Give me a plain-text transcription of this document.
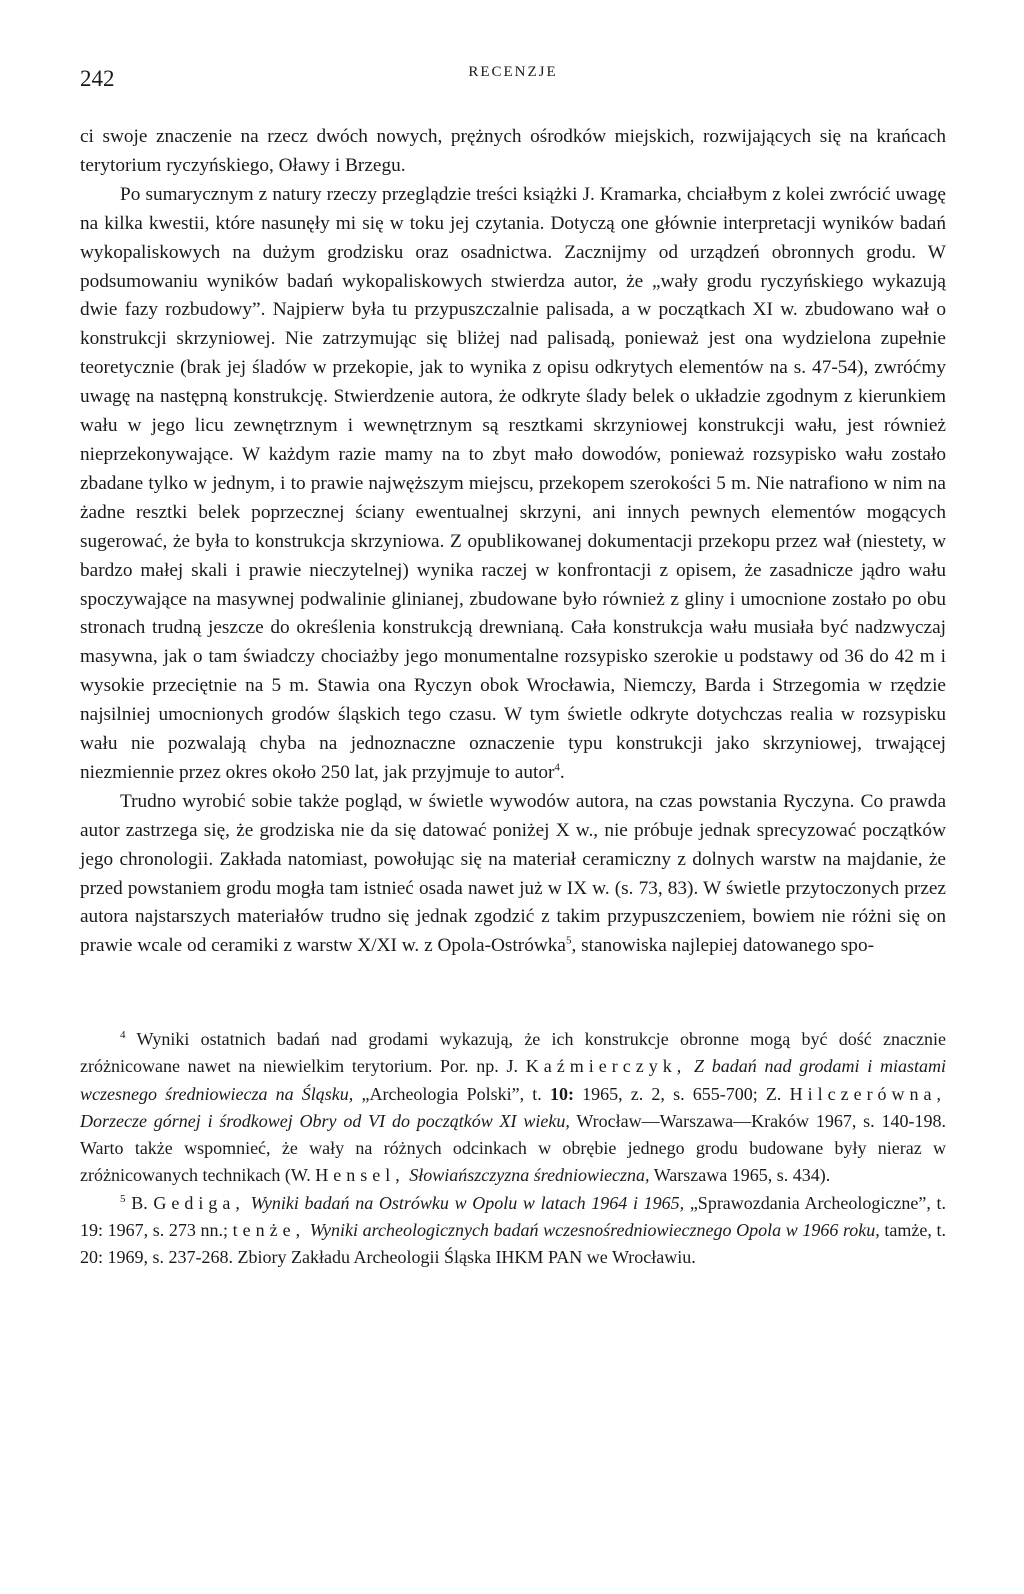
242	RECENZJE

ci swoje znaczenie na rzecz dwóch nowych, prężnych ośrodków miejskich, rozwijających się na krańcach terytorium ryczyńskiego, Oławy i Brzegu.

Po sumarycznym z natury rzeczy przeglądzie treści książki J. Kramarka, chciałbym z kolei zwrócić uwagę na kilka kwestii, które nasunęły mi się w toku jej czytania. Dotyczą one głównie interpretacji wyników badań wykopaliskowych na dużym grodzisku oraz osadnictwa. Zacznijmy od urządzeń obronnych grodu. W podsumowaniu wyników badań wykopaliskowych stwierdza autor, że „wały grodu ryczyńskiego wykazują dwie fazy rozbudowy”. Najpierw była tu przypuszczalnie palisada, a w początkach XI w. zbudowano wał o konstrukcji skrzyniowej. Nie zatrzymując się bliżej nad palisadą, ponieważ jest ona wydzielona zupełnie teoretycznie (brak jej śladów w przekopie, jak to wynika z opisu odkrytych elementów na s. 47-54), zwróćmy uwagę na następną konstrukcję. Stwierdzenie autora, że odkryte ślady belek o układzie zgodnym z kierunkiem wału w jego licu zewnętrznym i wewnętrznym są resztkami skrzyniowej konstrukcji wału, jest również nieprzekonywające. W każdym razie mamy na to zbyt mało dowodów, ponieważ rozsypisko wału zostało zbadane tylko w jednym, i to prawie najwęższym miejscu, przekopem szerokości 5 m. Nie natrafiono w nim na żadne resztki belek poprzecznej ściany ewentualnej skrzyni, ani innych pewnych elementów mogących sugerować, że była to konstrukcja skrzyniowa. Z opublikowanej dokumentacji przekopu przez wał (niestety, w bardzo małej skali i prawie nieczytelnej) wynika raczej w konfrontacji z opisem, że zasadnicze jądro wału spoczywające na masywnej podwalinie glinianej, zbudowane było również z gliny i umocnione zostało po obu stronach trudną jeszcze do określenia konstrukcją drewnianą. Cała konstrukcja wału musiała być nadzwyczaj masywna, jak o tam świadczy chociażby jego monumentalne rozsypisko szerokie u podstawy od 36 do 42 m i wysokie przeciętnie na 5 m. Stawia ona Ryczyn obok Wrocławia, Niemczy, Barda i Strzegomia w rzędzie najsilniej umocnionych grodów śląskich tego czasu. W tym świetle odkryte dotychczas realia w rozsypisku wału nie pozwalają chyba na jednoznaczne oznaczenie typu konstrukcji jako skrzyniowej, trwającej niezmiennie przez okres około 250 lat, jak przyjmuje to autor$^4$.

Trudno wyrobić sobie także pogląd, w świetle wywodów autora, na czas powstania Ryczyna. Co prawda autor zastrzega się, że grodziska nie da się datować poniżej X w., nie próbuje jednak sprecyzować początków jego chronologii. Zakłada natomiast, powołując się na materiał ceramiczny z dolnych warstw na majdanie, że przed powstaniem grodu mogła tam istnieć osada nawet już w IX w. (s. 73, 83). W świetle przytoczonych przez autora najstarszych materiałów trudno się jednak zgodzić z takim przypuszczeniem, bowiem nie różni się on prawie wcale od ceramiki z warstw X/XI w. z Opola-Ostrówka$^5$, stanowiska najlepiej datowanego spo-

$^4$ Wyniki ostatnich badań nad grodami wykazują, że ich konstrukcje obronne mogą być dość znacznie zróżnicowane nawet na niewielkim terytorium. Por. np. J. Kaźmierczyk, Z badań nad grodami i miastami wczesnego średniowiecza na Śląsku, „Archeologia Polski”, t. 10: 1965, z. 2, s. 655-700; Z. Hilczerówna, Dorzecze górnej i środkowej Obry od VI do początków XI wieku, Wrocław—Warszawa—Kraków 1967, s. 140-198. Warto także wspomnieć, że wały na różnych odcinkach w obrębie jednego grodu budowane były nieraz w zróżnicowanych technikach (W. Hensel, Słowiańszczyzna średniowieczna, Warszawa 1965, s. 434).

$^5$ B. Gediga, Wyniki badań na Ostrówku w Opolu w latach 1964 i 1965, „Sprawozdania Archeologiczne”, t. 19: 1967, s. 273 nn.; tenże, Wyniki archeologicznych badań wczesnośredniowiecznego Opola w 1966 roku, tamże, t. 20: 1969, s. 237-268. Zbiory Zakładu Archeologii Śląska IHKM PAN we Wrocławiu.
